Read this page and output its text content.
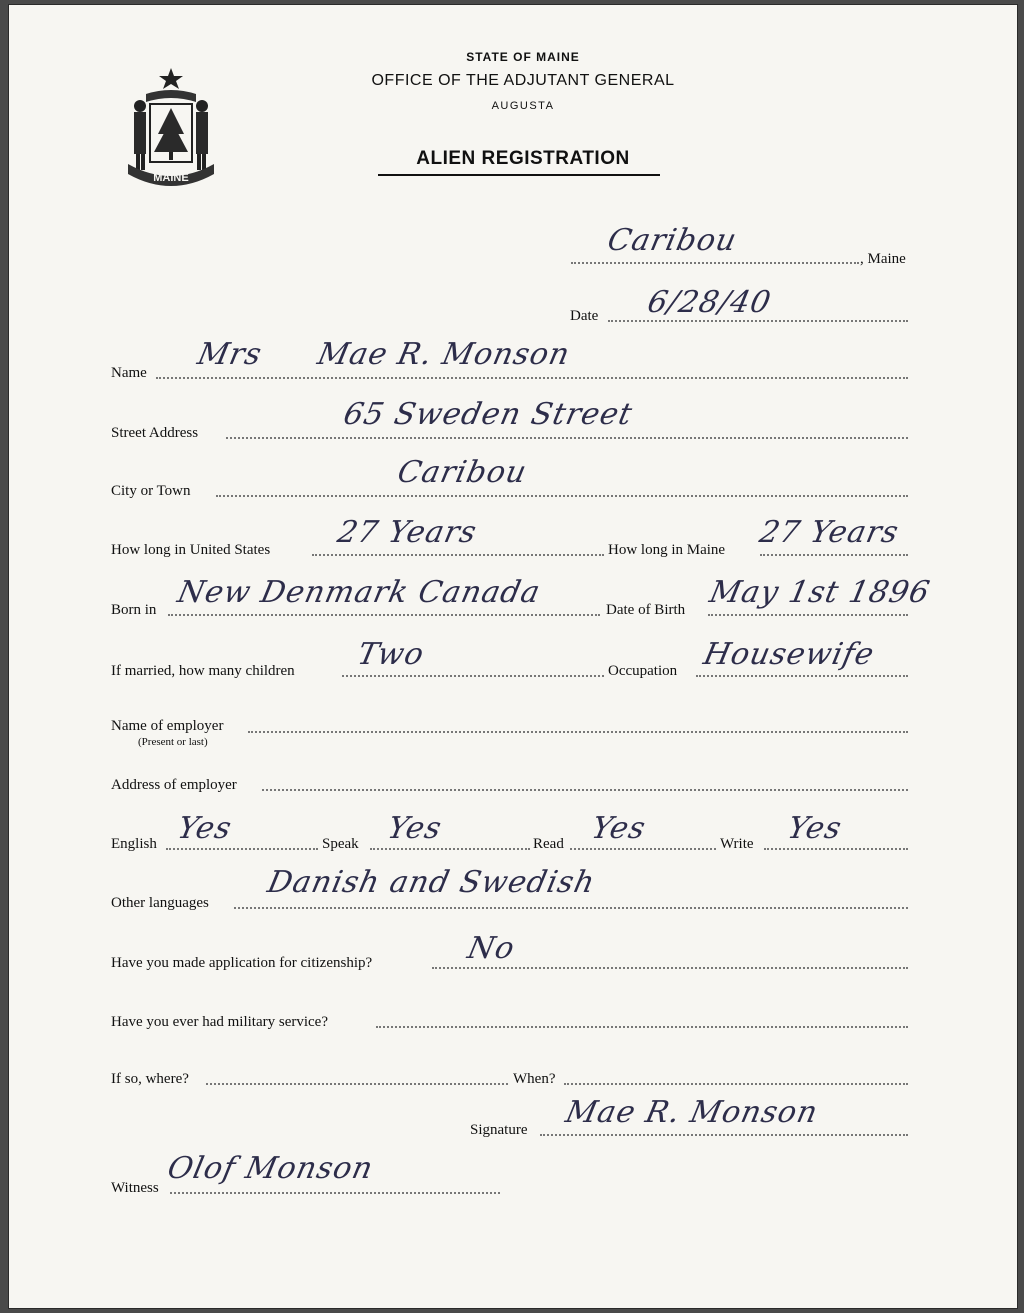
MAINE
STATE OF MAINE
OFFICE OF THE ADJUTANT GENERAL
AUGUSTA
ALIEN REGISTRATION
Caribou
, Maine
Date 6/28/40
Name
Mrs Mae R. Monson
Street Address
65 Sweden Street
City or Town
Caribou
How long in United States 27 Years	How long in Maine 27 Years
Born in New Denmark Canada	Date of Birth May 1st 1896
If married, how many children Two	Occupation Housewife
Name of employer
(Present or last)
Address of employer
English Yes	Speak Yes	Read Yes	Write Yes
Other languages
Danish and Swedish
Have you made application for citizenship?	No
Have you ever had military service?
If so, where?	When?
Signature Mae R. Monson
Witness
Olof Monson
